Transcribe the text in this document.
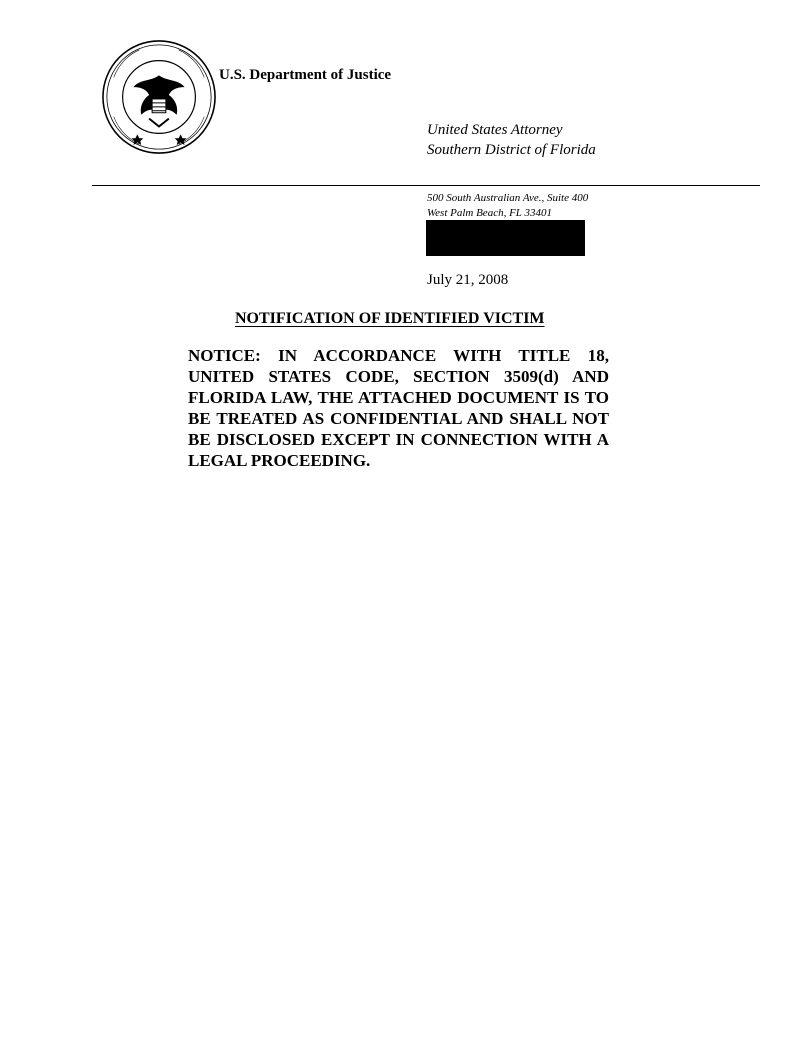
U.S. Department of Justice
United States Attorney
Southern District of Florida
500 South Australian Ave., Suite 400
West Palm Beach, FL 33401
July 21, 2008
NOTIFICATION OF IDENTIFIED VICTIM

NOTICE: IN ACCORDANCE WITH TITLE 18, UNITED STATES CODE, SECTION 3509(d) AND FLORIDA LAW, THE ATTACHED DOCUMENT IS TO BE TREATED AS CONFIDENTIAL AND SHALL NOT BE DISCLOSED EXCEPT IN CONNECTION WITH A LEGAL PROCEEDING.
